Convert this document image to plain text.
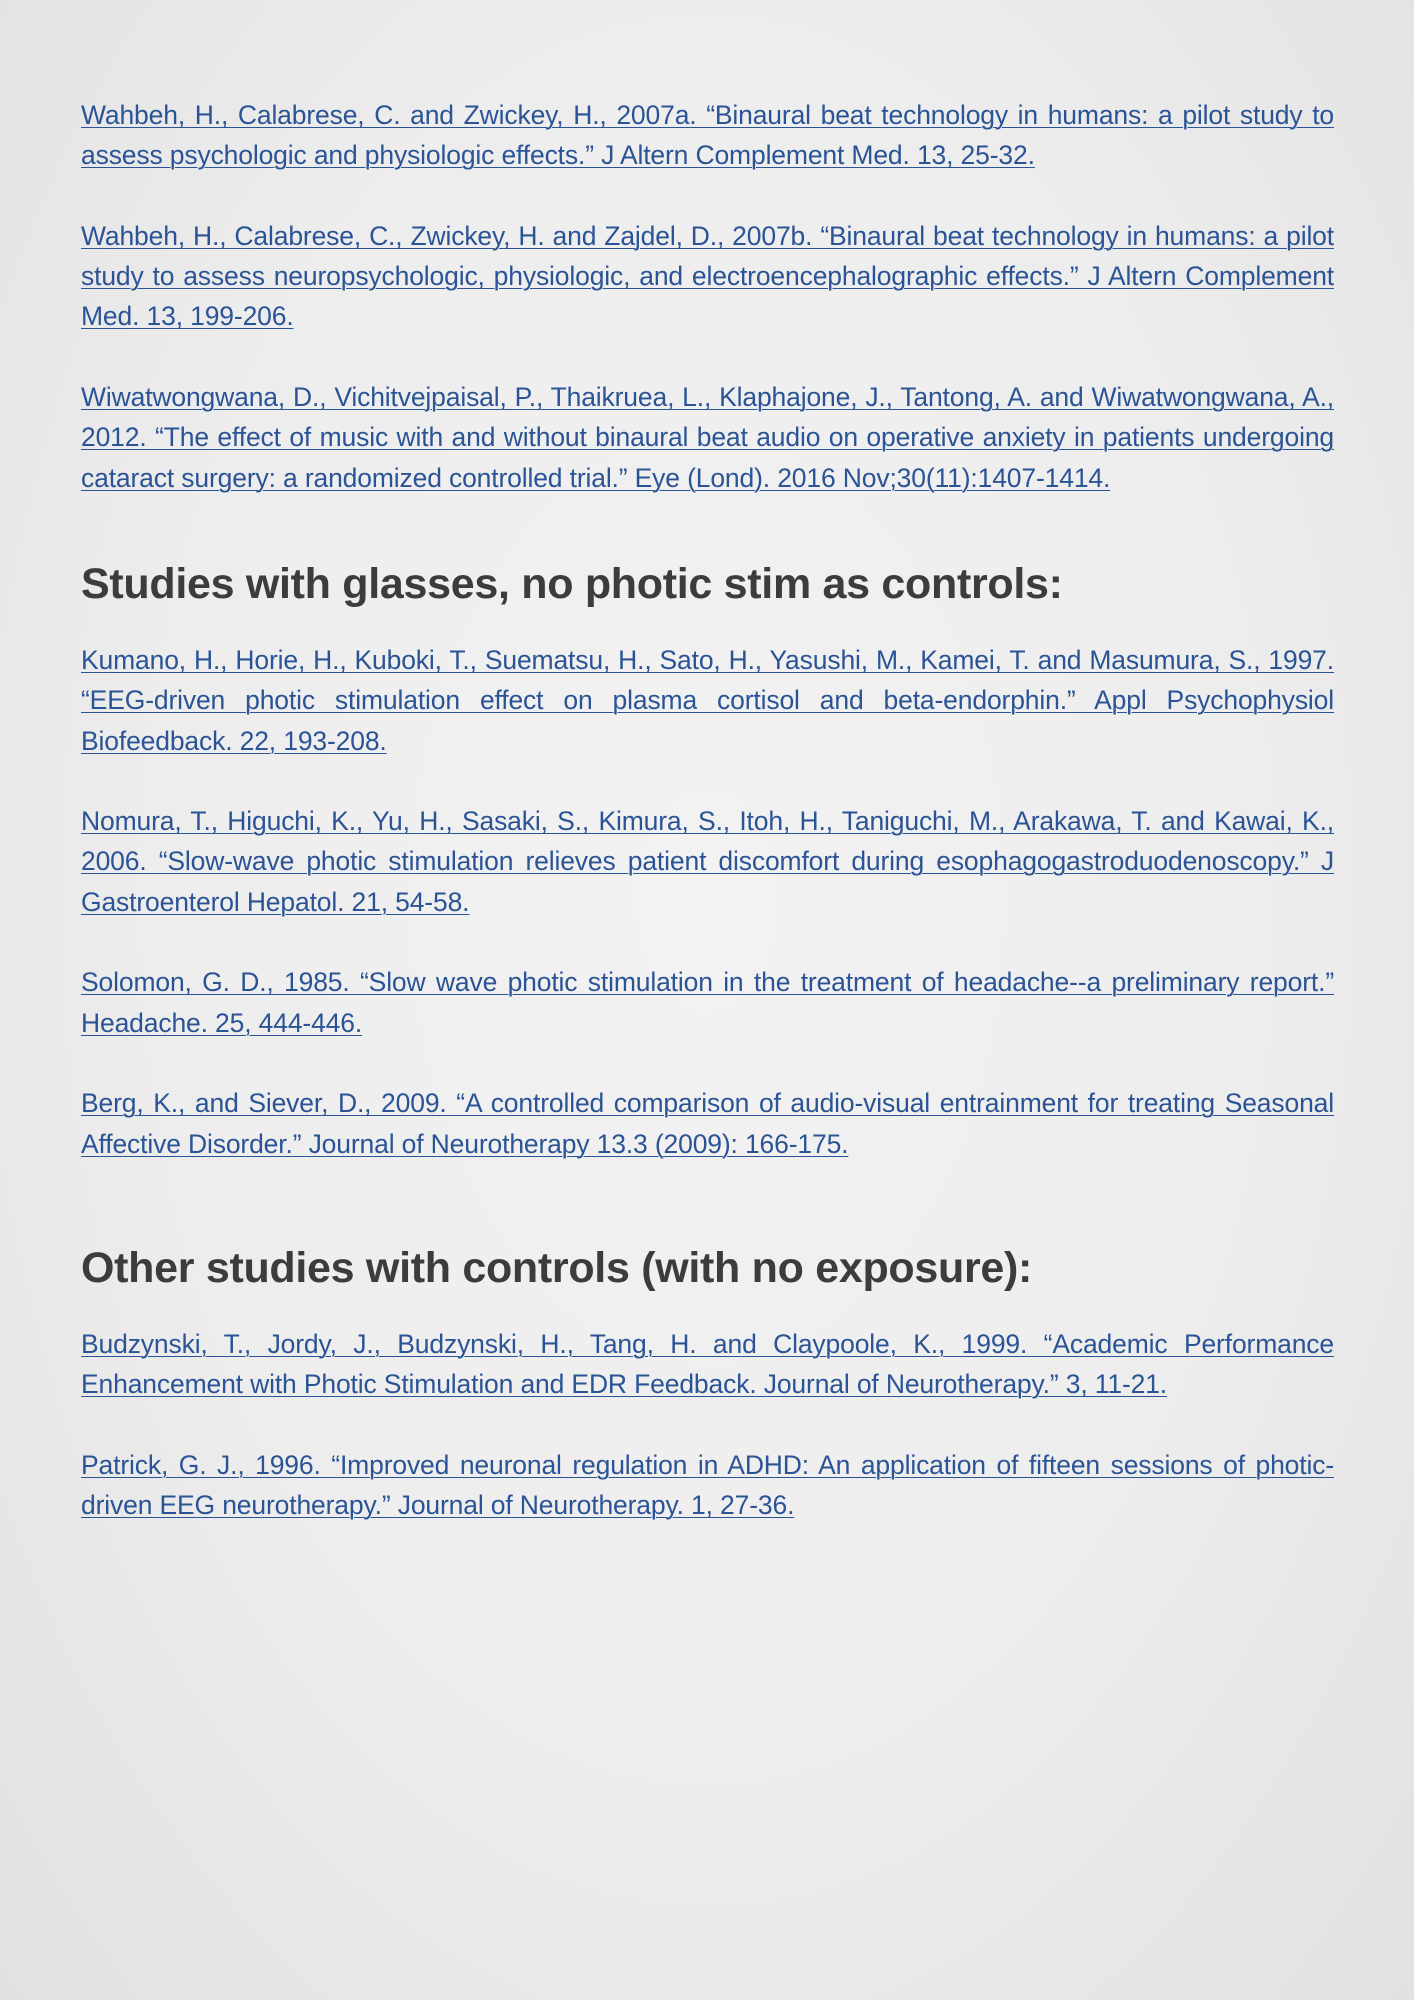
Wahbeh, H., Calabrese, C. and Zwickey, H., 2007a. “Binaural beat technology in humans: a pilot study to assess psychologic and physiologic effects.” J Altern Complement Med. 13, 25-32.
Wahbeh, H., Calabrese, C., Zwickey, H. and Zajdel, D., 2007b. “Binaural beat technology in humans: a pilot study to assess neuropsychologic, physiologic, and electroencephalographic effects.” J Altern Complement Med. 13, 199-206.
Wiwatwongwana, D., Vichitvejpaisal, P., Thaikruea, L., Klaphajone, J., Tantong, A. and Wiwatwongwana, A., 2012. “The effect of music with and without binaural beat audio on operative anxiety in patients undergoing cataract surgery: a randomized controlled trial.” Eye (Lond). 2016 Nov;30(11):1407-1414.
Studies with glasses, no photic stim as controls:
Kumano, H., Horie, H., Kuboki, T., Suematsu, H., Sato, H., Yasushi, M., Kamei, T. and Masumura, S., 1997. “EEG-driven photic stimulation effect on plasma cortisol and beta-endorphin.” Appl Psychophysiol Biofeedback. 22, 193-208.
Nomura, T., Higuchi, K., Yu, H., Sasaki, S., Kimura, S., Itoh, H., Taniguchi, M., Arakawa, T. and Kawai, K., 2006. “Slow-wave photic stimulation relieves patient discomfort during esophagogastroduodenoscopy.” J Gastroenterol Hepatol. 21, 54-58.
Solomon, G. D., 1985. “Slow wave photic stimulation in the treatment of headache--a preliminary report.” Headache. 25, 444-446.
Berg, K., and Siever, D., 2009. “A controlled comparison of audio-visual entrainment for treating Seasonal Affective Disorder.” Journal of Neurotherapy 13.3 (2009): 166-175.
Other studies with controls (with no exposure):
Budzynski, T., Jordy, J., Budzynski, H., Tang, H. and Claypoole, K., 1999. “Academic Performance Enhancement with Photic Stimulation and EDR Feedback. Journal of Neurotherapy.” 3, 11-21.
Patrick, G. J., 1996. “Improved neuronal regulation in ADHD: An application of fifteen sessions of photic-driven EEG neurotherapy.” Journal of Neurotherapy. 1, 27-36.
